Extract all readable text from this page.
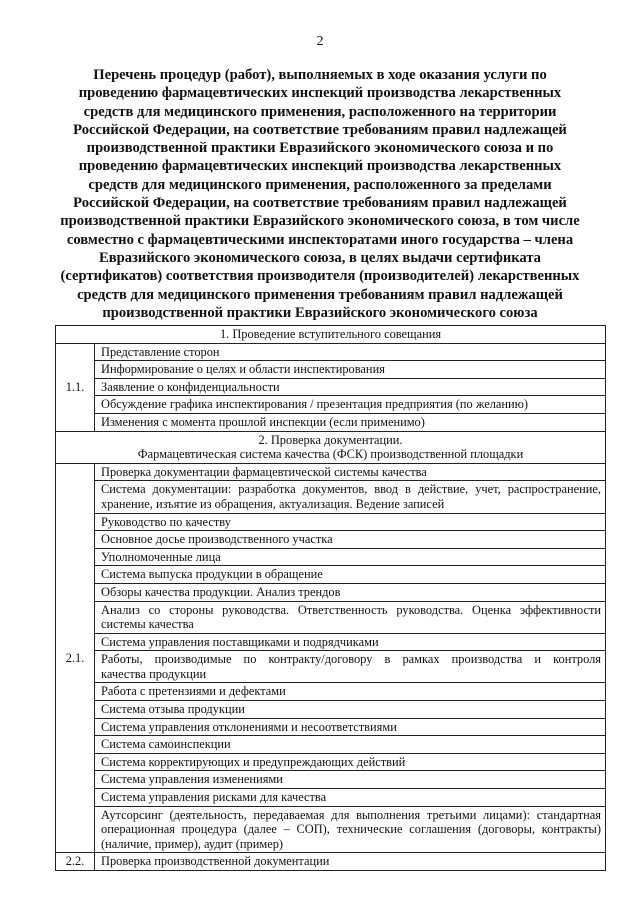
2
Перечень процедур (работ), выполняемых в ходе оказания услуги по
проведению фармацевтических инспекций производства лекарственных
средств для медицинского применения, расположенного на территории
Российской Федерации, на соответствие требованиям правил надлежащей
производственной практики Евразийского экономического союза и по
проведению фармацевтических инспекций производства лекарственных
средств для медицинского применения, расположенного за пределами
Российской Федерации, на соответствие требованиям правил надлежащей
производственной практики Евразийского экономического союза, в том числе
совместно с фармацевтическими инспекторатами иного государства – члена
Евразийского экономического союза, в целях выдачи сертификата
(сертификатов) соответствия производителя (производителей) лекарственных
средств для медицинского применения требованиям правил надлежащей
производственной практики Евразийского экономического союза
1. Проведение вступительного совещания	
1.1.	Представление сторон
	Информирование о целях и области инспектирования
	Заявление о конфиденциальности
	Обсуждение графика инспектирования / презентация предприятия (по желанию)
	Изменения с момента прошлой инспекции (если применимо)

2. Проверка документации.
Фармацевтическая система качества (ФСК) производственной площадки	

2.1.	Проверка документации фармацевтической системы качества

	Система документации: разработка документов, ввод в действие, учет, распространение,
хранение, изъятие из обращения, актуализация. Ведение записей

	Руководство по качеству

	Основное досье производственного участка

	Уполномоченные лица

	Система выпуска продукции в обращение

	Обзоры качества продукции. Анализ трендов

	Анализ со стороны руководства. Ответственность руководства. Оценка эффективности
системы качества

	Система управления поставщиками и подрядчиками

	Работы, производимые по контракту/договору в рамках производства и контроля
качества продукции

	Работа с претензиями и дефектами

	Система отзыва продукции

	Система управления отклонениями и несоответствиями

	Система самоинспекции

	Система корректирующих и предупреждающих действий

	Система управления изменениями

	Система управления рисками для качества

	Аутсорсинг (деятельность, передаваемая для выполнения третьими лицами): стандартная
операционная процедура (далее – СОП), технические соглашения (договоры, контракты)
(наличие, пример), аудит (пример)

2.2.	Проверка производственной документации
